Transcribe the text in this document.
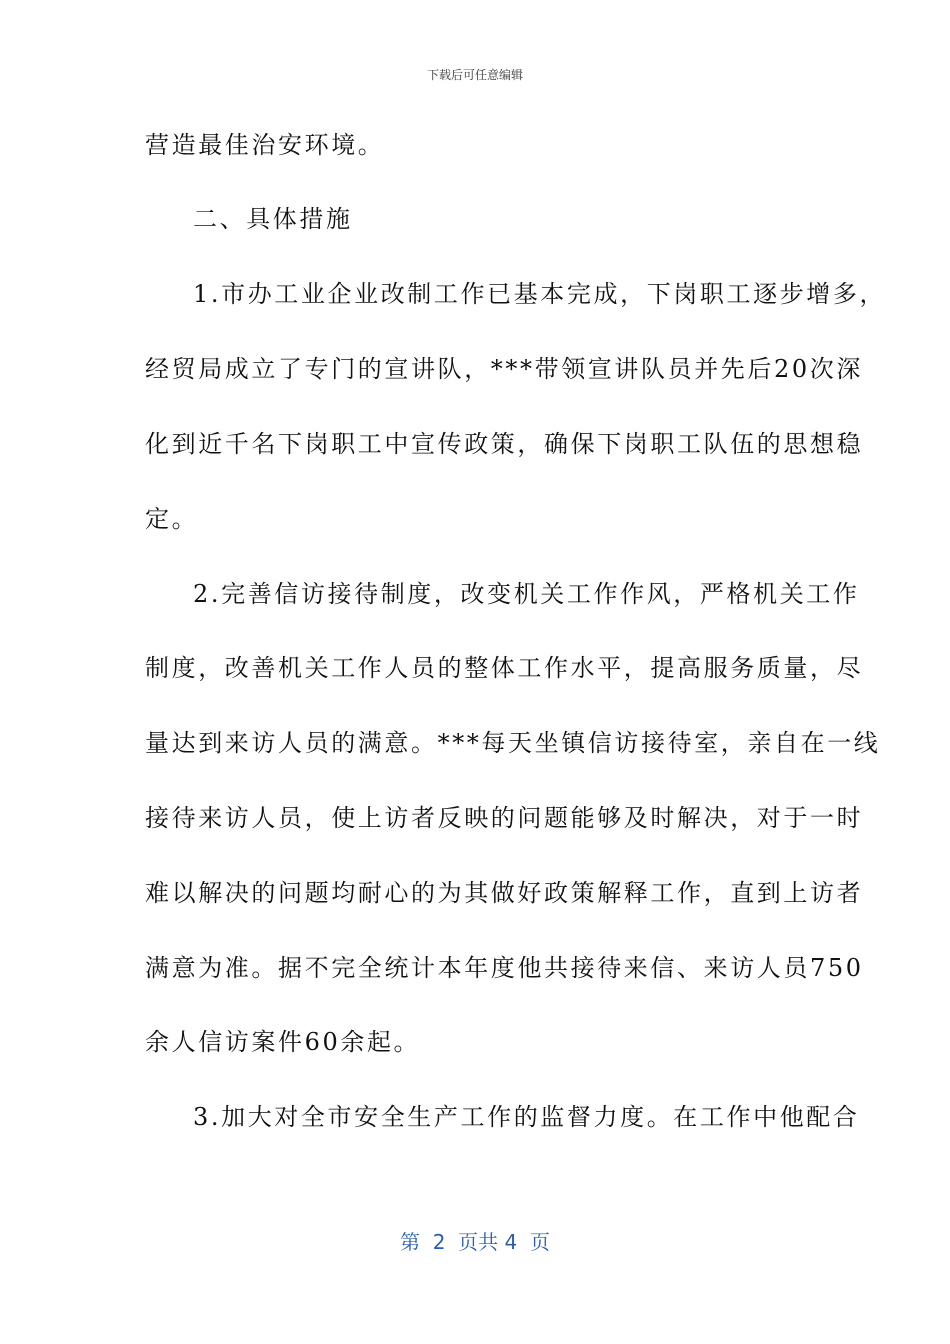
下载后可任意编辑
营造最佳治安环境。
二、具体措施
1.市办工业企业改制工作已基本完成，下岗职工逐步增多，
经贸局成立了专门的宣讲队，***带领宣讲队员并先后20次深
化到近千名下岗职工中宣传政策，确保下岗职工队伍的思想稳
定。
2.完善信访接待制度，改变机关工作作风，严格机关工作
制度，改善机关工作人员的整体工作水平，提高服务质量，尽
量达到来访人员的满意。***每天坐镇信访接待室，亲自在一线
接待来访人员，使上访者反映的问题能够及时解决，对于一时
难以解决的问题均耐心的为其做好政策解释工作，直到上访者
满意为准。据不完全统计本年度他共接待来信、来访人员750
余人信访案件60余起。
3.加大对全市安全生产工作的监督力度。在工作中他配合
第  2  页共 4  页
